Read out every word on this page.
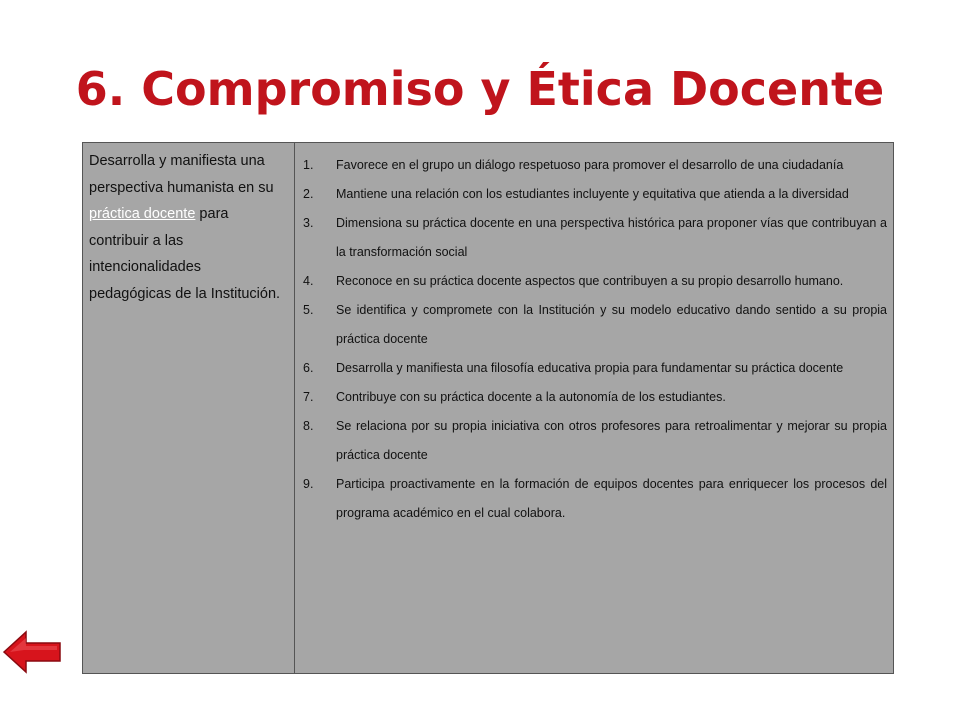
6. Compromiso y Ética Docente
Desarrolla y manifiesta una perspectiva humanista en su práctica docente para contribuir a las intencionalidades pedagógicas de la Institución.
1.	Favorece en el grupo un diálogo respetuoso para promover el desarrollo de una ciudadanía
2.	Mantiene una relación con los estudiantes incluyente y equitativa que atienda a la diversidad
3.	Dimensiona su práctica docente en una perspectiva histórica para proponer vías que contribuyan a la transformación social
4.	Reconoce en su práctica docente aspectos que contribuyen a su propio desarrollo humano.
5.	Se identifica y compromete con la Institución y su modelo educativo dando sentido a su propia práctica docente
6.	Desarrolla y manifiesta una filosofía educativa propia para fundamentar su práctica docente
7.	Contribuye con su práctica docente a la autonomía de los estudiantes.
8.	Se relaciona por su propia iniciativa con otros profesores para retroalimentar y mejorar su propia práctica docente
9.	Participa proactivamente en la formación de equipos docentes para enriquecer los procesos del programa académico en el cual colabora.
